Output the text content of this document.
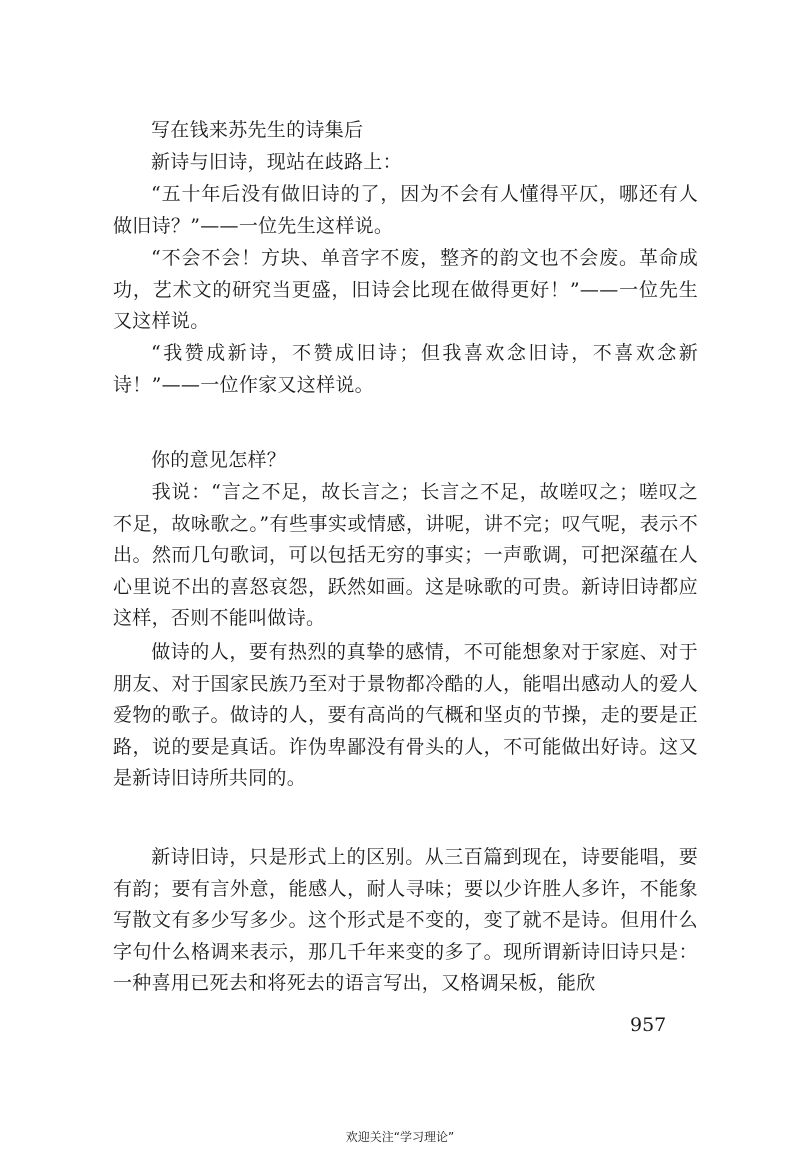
写在钱来苏先生的诗集后

新诗与旧诗，现站在歧路上：

“五十年后没有做旧诗的了，因为不会有人懂得平仄，哪还有人做旧诗？”——一位先生这样说。

“不会不会！方块、单音字不废，整齐的韵文也不会废。革命成功，艺术文的研究当更盛，旧诗会比现在做得更好！”——一位先生又这样说。

“我赞成新诗，不赞成旧诗；但我喜欢念旧诗，不喜欢念新诗！”——一位作家又这样说。

你的意见怎样？

我说：“言之不足，故长言之；长言之不足，故嗟叹之；嗟叹之不足，故咏歌之。”有些事实或情感，讲呢，讲不完；叹气呢，表示不出。然而几句歌词，可以包括无穷的事实；一声歌调，可把深蕴在人心里说不出的喜怒哀怨，跃然如画。这是咏歌的可贵。新诗旧诗都应这样，否则不能叫做诗。

做诗的人，要有热烈的真挚的感情，不可能想象对于家庭、对于朋友、对于国家民族乃至对于景物都冷酷的人，能唱出感动人的爱人爱物的歌子。做诗的人，要有高尚的气概和坚贞的节操，走的要是正路，说的要是真话。诈伪卑鄙没有骨头的人，不可能做出好诗。这又是新诗旧诗所共同的。

新诗旧诗，只是形式上的区别。从三百篇到现在，诗要能唱，要有韵；要有言外意，能感人，耐人寻味；要以少许胜人多许，不能象写散文有多少写多少。这个形式是不变的，变了就不是诗。但用什么字句什么格调来表示，那几千年来变的多了。现所谓新诗旧诗只是：一种喜用已死去和将死去的语言写出，又格调呆板，能欣

957
欢迎关注“学习理论”
